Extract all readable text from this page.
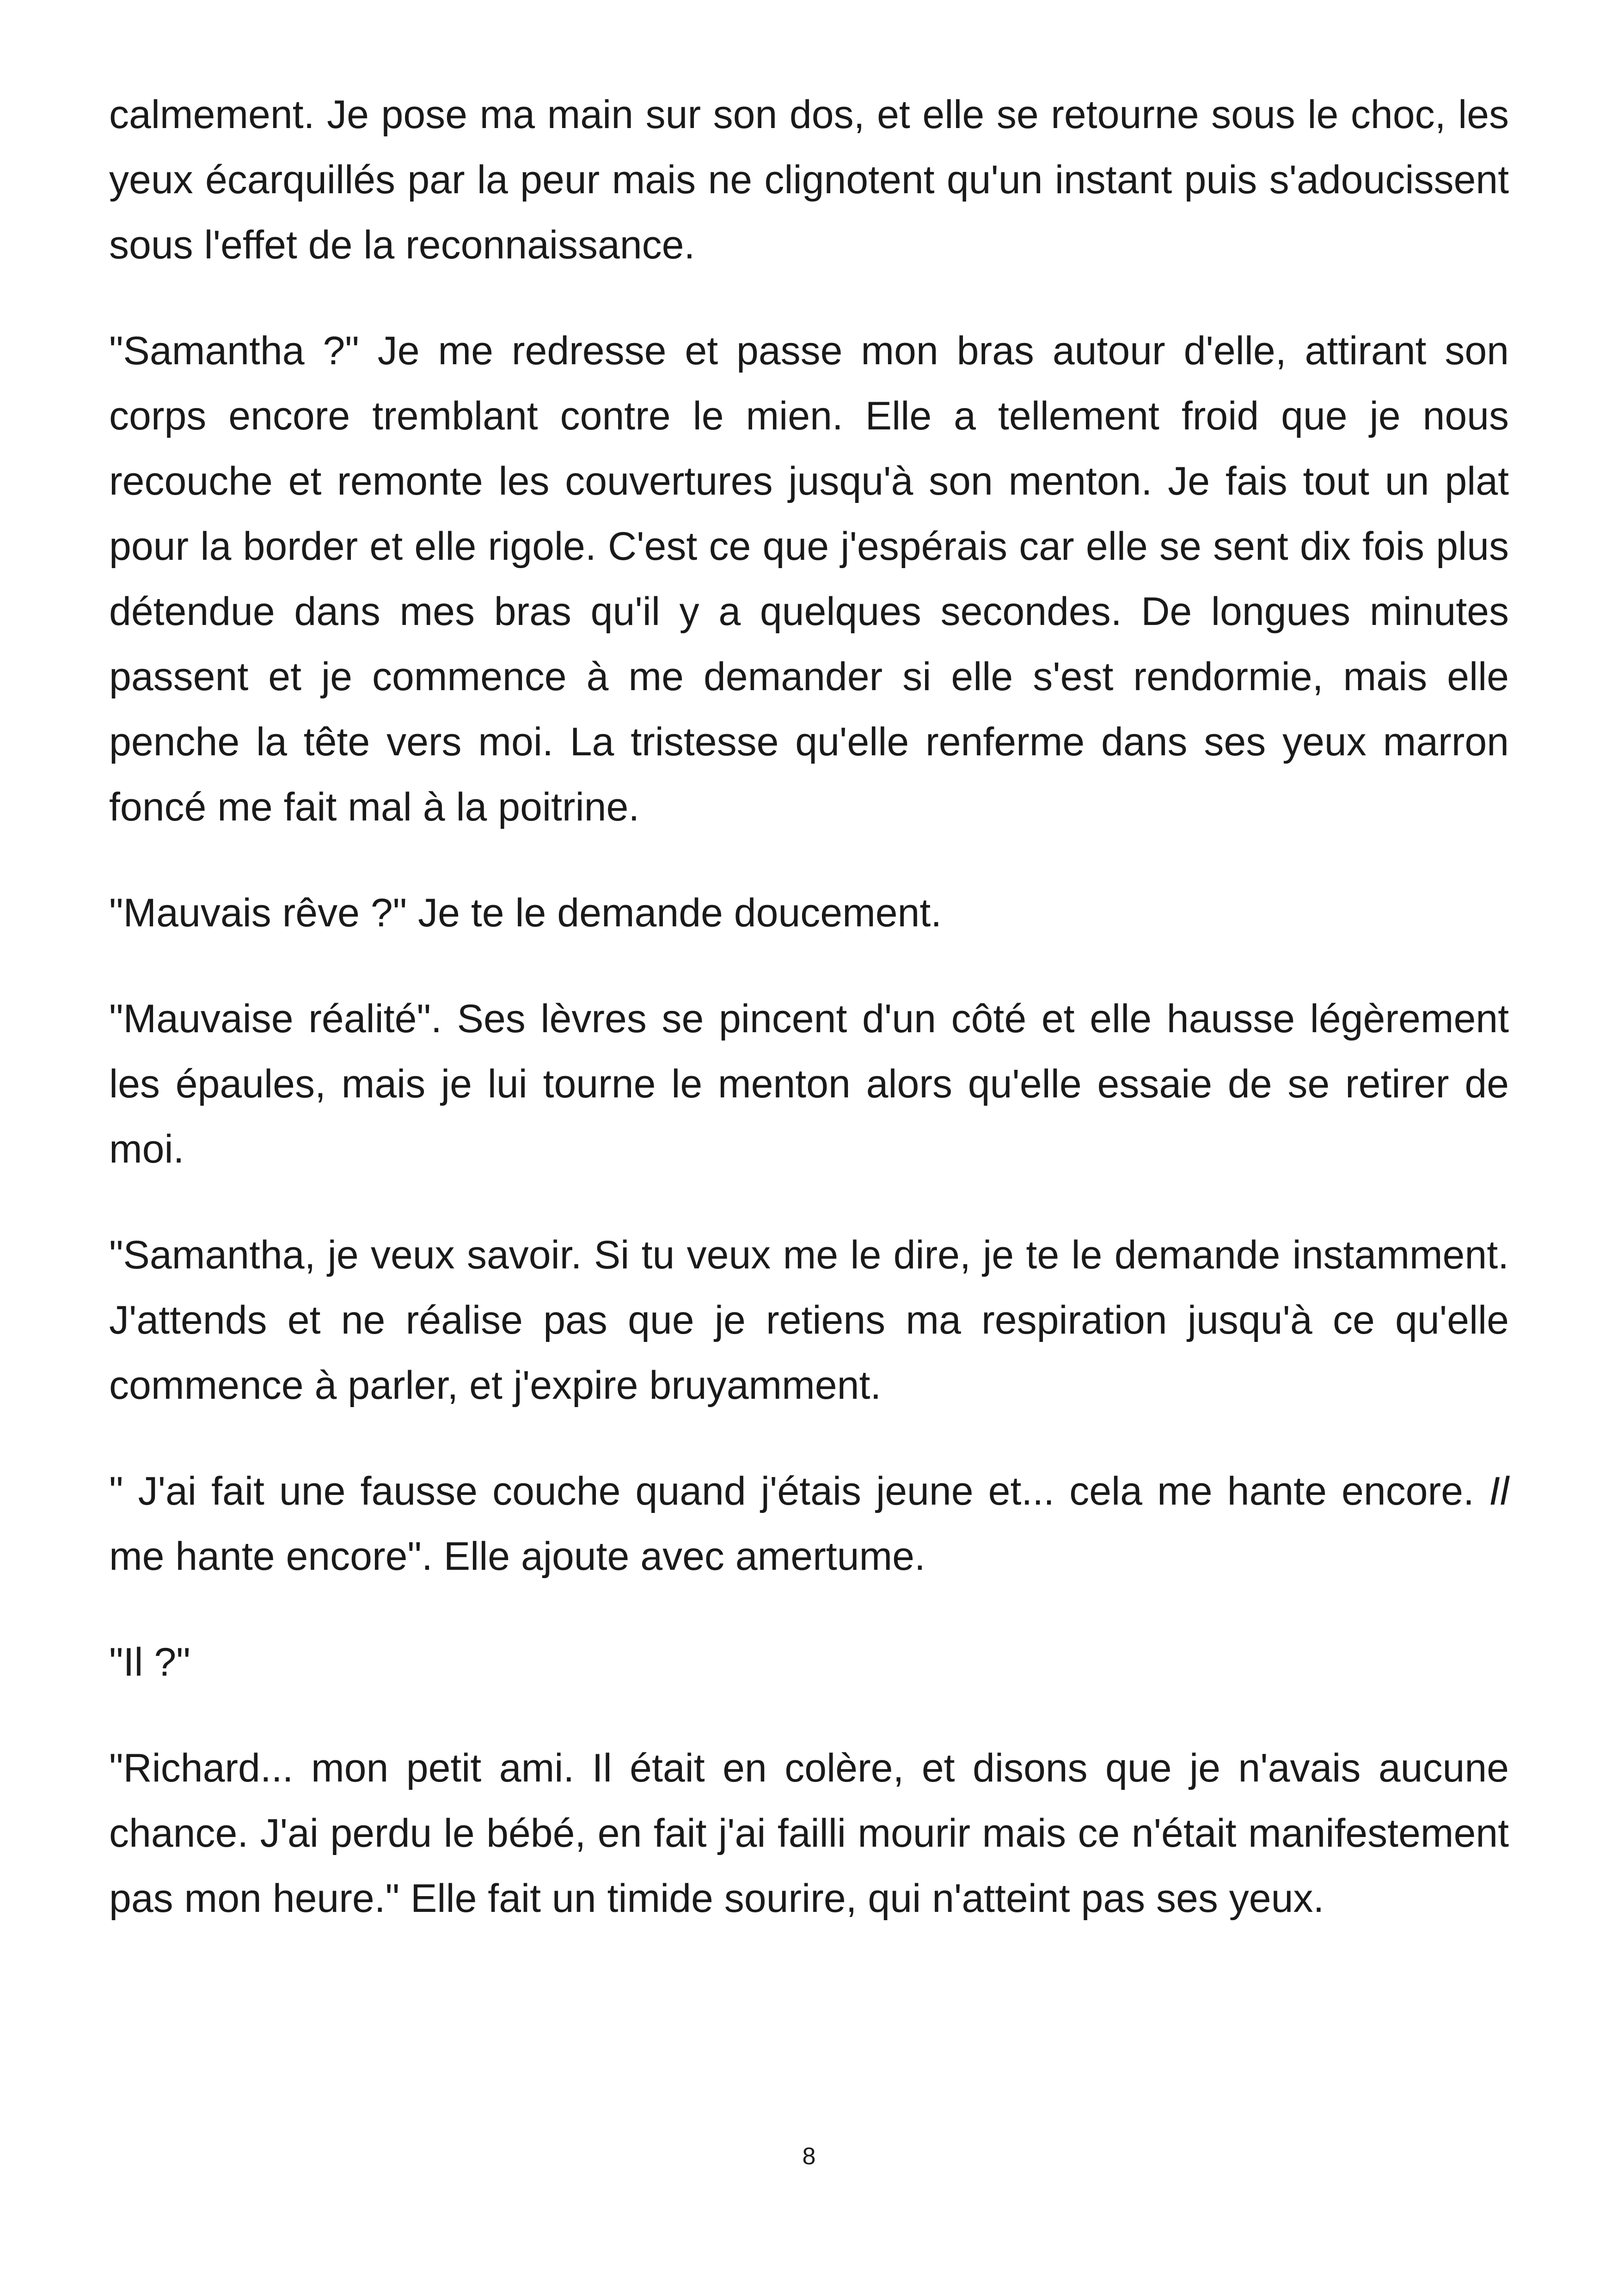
calmement. Je pose ma main sur son dos, et elle se retourne sous le choc, les yeux écarquillés par la peur mais ne clignotent qu'un instant puis s'adoucissent sous l'effet de la reconnaissance.

"Samantha ?" Je me redresse et passe mon bras autour d'elle, attirant son corps encore tremblant contre le mien. Elle a tellement froid que je nous recouche et remonte les couvertures jusqu'à son menton. Je fais tout un plat pour la border et elle rigole. C'est ce que j'espérais car elle se sent dix fois plus détendue dans mes bras qu'il y a quelques secondes. De longues minutes passent et je commence à me demander si elle s'est rendormie, mais elle penche la tête vers moi. La tristesse qu'elle renferme dans ses yeux marron foncé me fait mal à la poitrine.

"Mauvais rêve ?" Je te le demande doucement.

"Mauvaise réalité". Ses lèvres se pincent d'un côté et elle hausse légèrement les épaules, mais je lui tourne le menton alors qu'elle essaie de se retirer de moi.

"Samantha, je veux savoir. Si tu veux me le dire, je te le demande instamment. J'attends et ne réalise pas que je retiens ma respiration jusqu'à ce qu'elle commence à parler, et j'expire bruyamment.

" J'ai fait une fausse couche quand j'étais jeune et... cela me hante encore. Il me hante encore". Elle ajoute avec amertume.

"Il ?"

"Richard... mon petit ami. Il était en colère, et disons que je n'avais aucune chance. J'ai perdu le bébé, en fait j'ai failli mourir mais ce n'était manifestement pas mon heure." Elle fait un timide sourire, qui n'atteint pas ses yeux.

8
